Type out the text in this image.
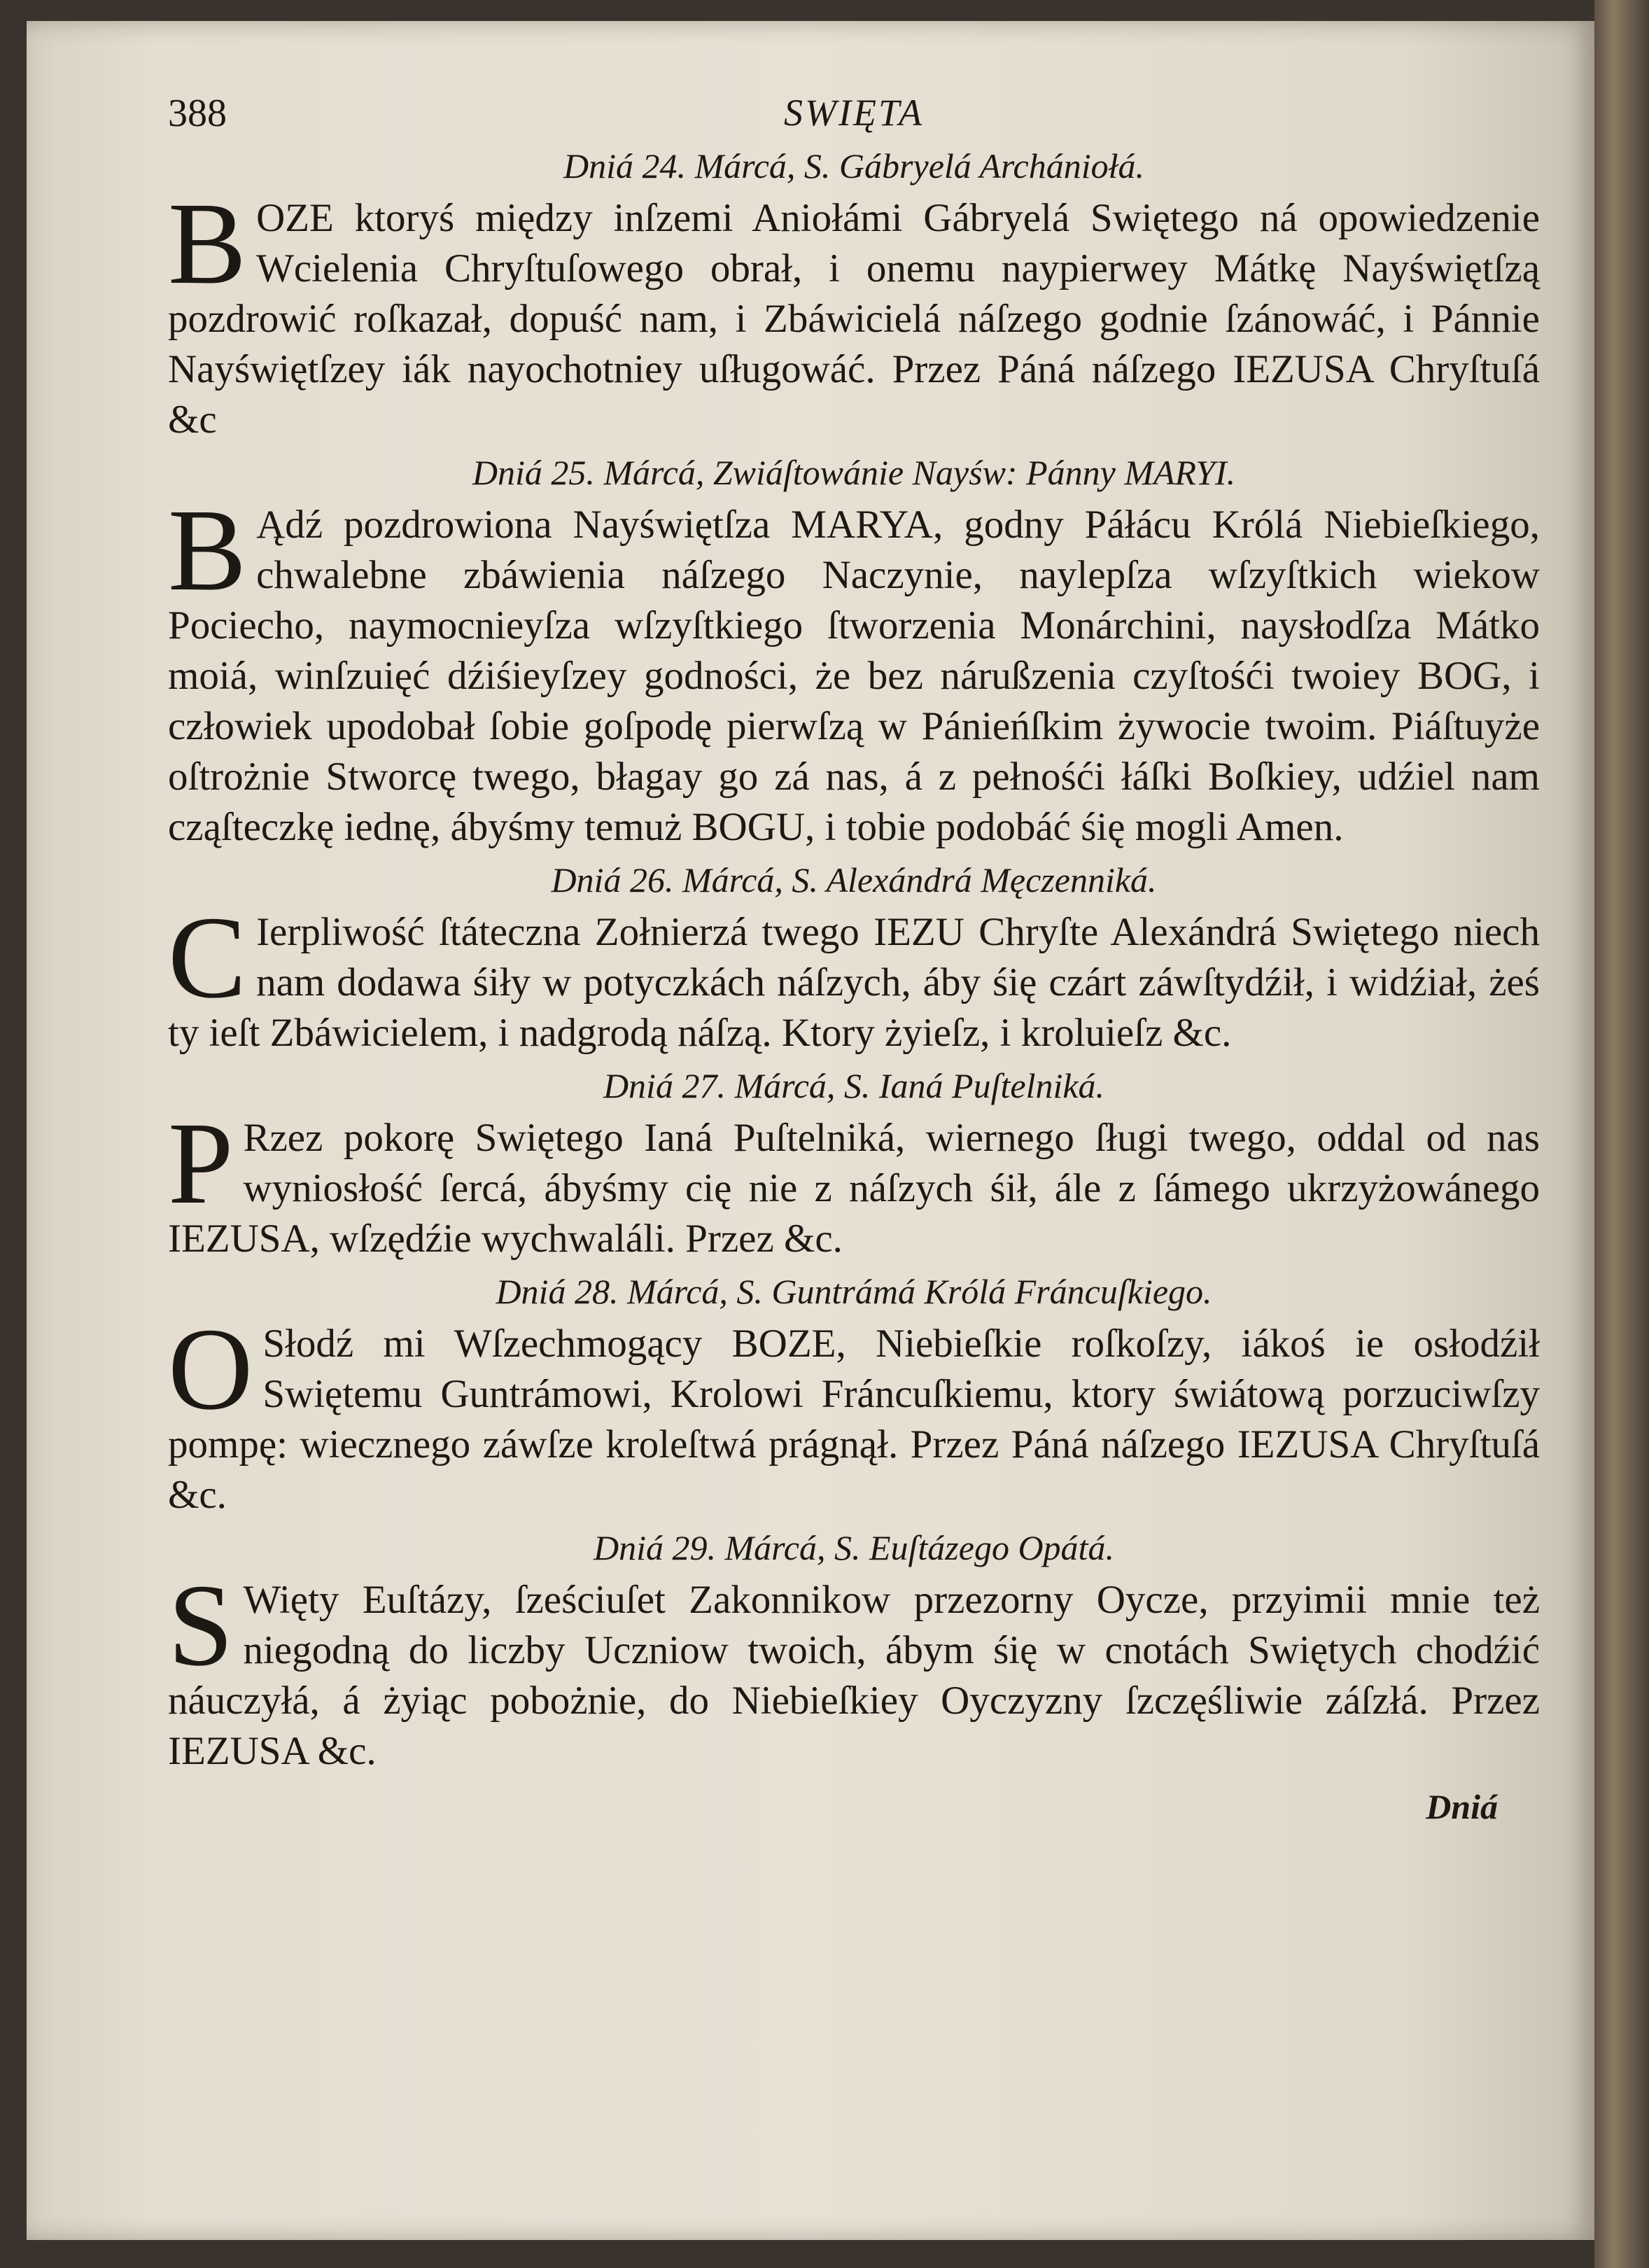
388	SWIĘTA
Dniá 24. Márcá, S. Gábryelá Archániołá.

BOZE ktoryś między inſzemi Aniołámi Gábryelá Swiętego ná opowiedzenie Wcielenia Chryſtuſowego obrał, i onemu naypierwey Mátkę Nayświętſzą pozdrowić roſkazał, dopuść nam, i Zbáwicielá náſzego godnie ſzánowáć, i Pánnie Nayświętſzey iák nayochotniey uſługowáć. Przez Páná náſzego IEZUSA Chryſtuſá &c

Dniá 25. Márcá, Zwiáſtowánie Nayśw: Pánny MARYI.

B Ądź pozdrowiona Nayświętſza MARYA, godny Páłácu Królá Niebieſkiego, chwalebne zbáwienia náſzego Naczynie, naylepſza wſzyſtkich wiekow Pociecho, naymocnieyſza wſzyſtkiego ſtworzenia Monárchini, naysłodſza Mátko moiá, winſzuięć dźiśieyſzey godności, że bez nárußzenia czyſtośći twoiey BOG, i człowiek upodobał ſobie goſpodę pierwſzą w Pánieńſkim żywocie twoim. Piáſtuyże oſtrożnie Stworcę twego, błagay go zá nas, á z pełnośći łáſki Boſkiey, udźiel nam cząſteczkę iednę, ábyśmy temuż BOGU, i tobie podobáć śię mogli Amen.

Dniá 26. Márcá, S. Alexándrá Męczenniká.

C Ierpliwość ſtáteczna Zołnierzá twego IEZU Chryſte Alexándrá Swiętego niech nam dodawa śiły w potyczkách náſzych, áby śię czárt záwſtydźił, i widźiał, żeś ty ieſt Zbáwicielem, i nadgrodą náſzą. Ktory żyieſz, i kroluieſz &c.

Dniá 27. Márcá, S. Ianá Puſtelniká.

P Rzez pokorę Swiętego Ianá Puſtelniká, wiernego ſługi twego, oddal od nas wyniosłość ſercá, ábyśmy cię nie z náſzych śił, ále z ſámego ukrzyżowánego IEZUSA, wſzędźie wychwaláli. Przez &c.

Dniá 28. Márcá, S. Guntrámá Królá Fráncuſkiego.

O Słodź mi Wſzechmogący BOZE, Niebieſkie roſkoſzy, iákoś ie osłodźił Swiętemu Guntrámowi, Krolowi Fráncuſkiemu, ktory świátową porzuciwſzy pompę: wiecznego záwſze kroleſtwá prágnął. Przez Páná náſzego IEZUSA Chryſtuſá &c.

Dniá 29. Márcá, S. Euſtázego Opátá.

S Więty Euſtázy, ſześciuſet Zakonnikow przezorny Oycze, przyimii mnie też niegodną do liczby Uczniow twoich, ábym śię w cnotách Swiętych chodźić náuczyłá, á żyiąc pobożnie, do Niebieſkiey Oyczyzny ſzczęśliwie záſzłá. Przez IEZUSA &c.

Dniá
